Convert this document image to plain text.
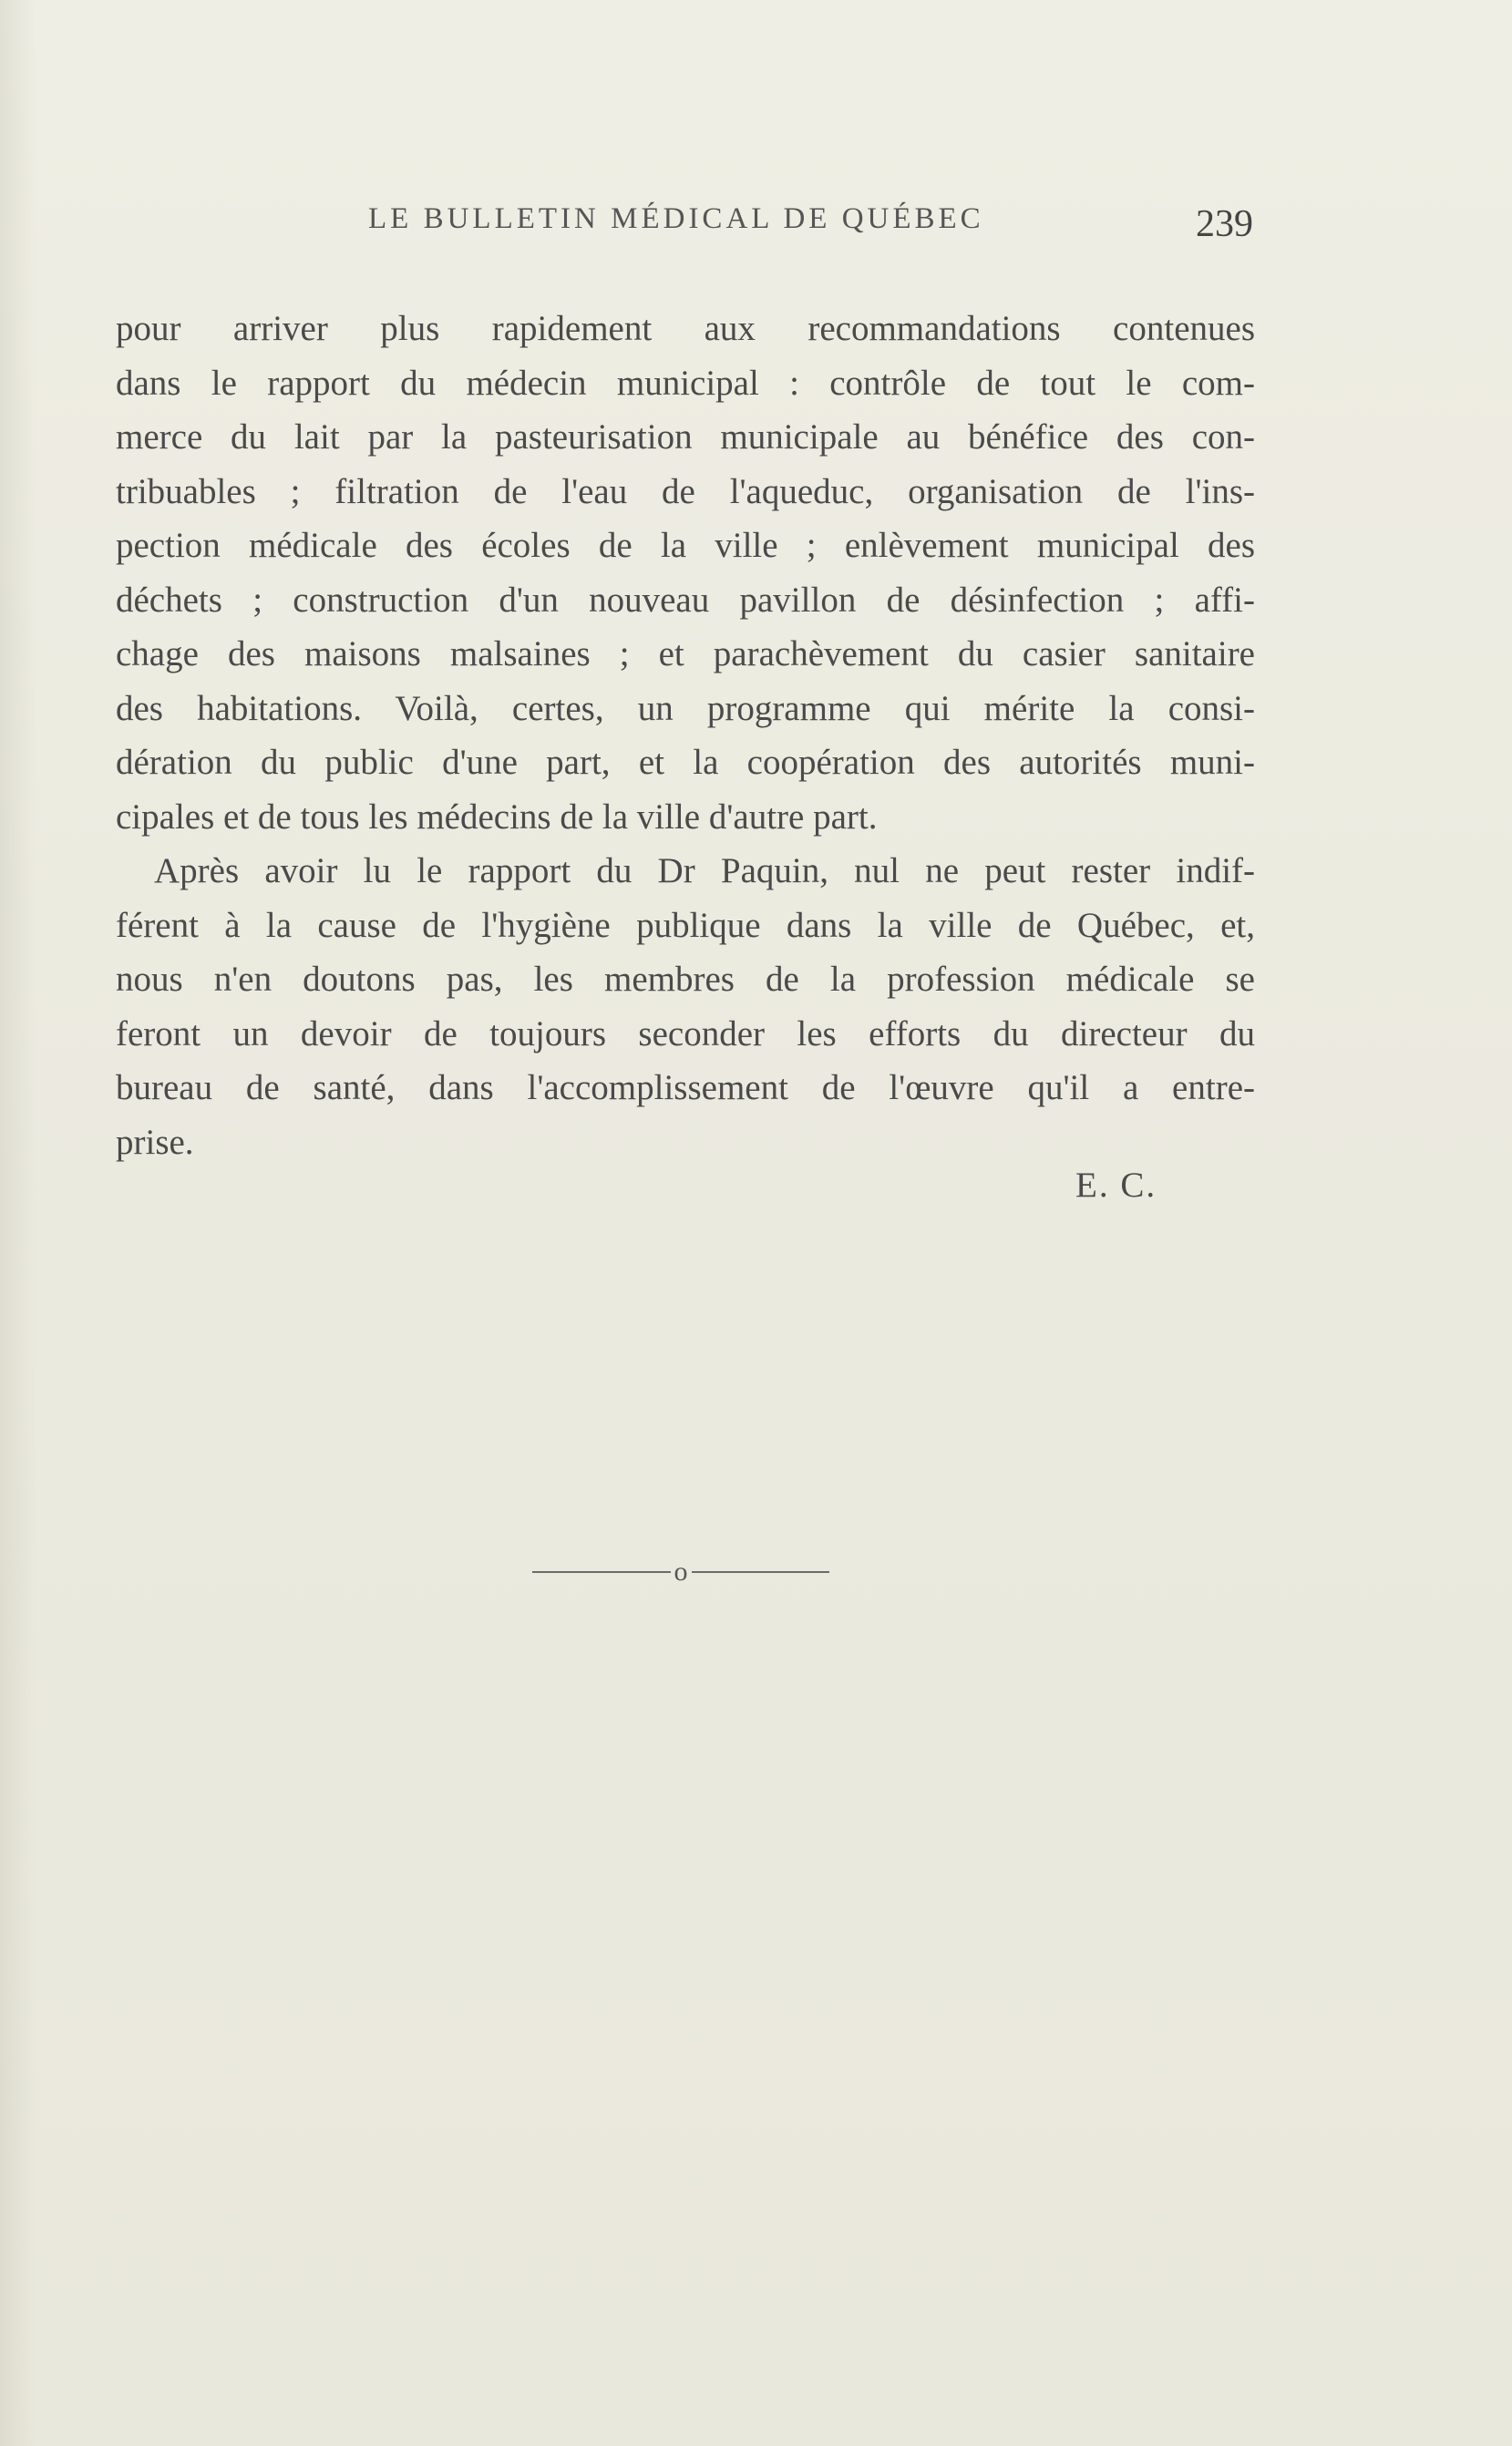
LE BULLETIN MÉDICAL DE QUÉBEC	239
pour arriver plus rapidement aux recommandations contenues
dans le rapport du médecin municipal : contrôle de tout le com-
merce du lait par la pasteurisation municipale au bénéfice des con-
tribuables ; filtration de l'eau de l'aqueduc, organisation de l'ins-
pection médicale des écoles de la ville ; enlèvement municipal des
déchets ; construction d'un nouveau pavillon de désinfection ; affi-
chage des maisons malsaines ; et parachèvement du casier sanitaire
des habitations. Voilà, certes, un programme qui mérite la consi-
dération du public d'une part, et la coopération des autorités muni-
cipales et de tous les médecins de la ville d'autre part.
Après avoir lu le rapport du Dr Paquin, nul ne peut rester indif-
férent à la cause de l'hygiène publique dans la ville de Québec, et,
nous n'en doutons pas, les membres de la profession médicale se
feront un devoir de toujours seconder les efforts du directeur du
bureau de santé, dans l'accomplissement de l'œuvre qu'il a entre-
prise.
E. C.
o
